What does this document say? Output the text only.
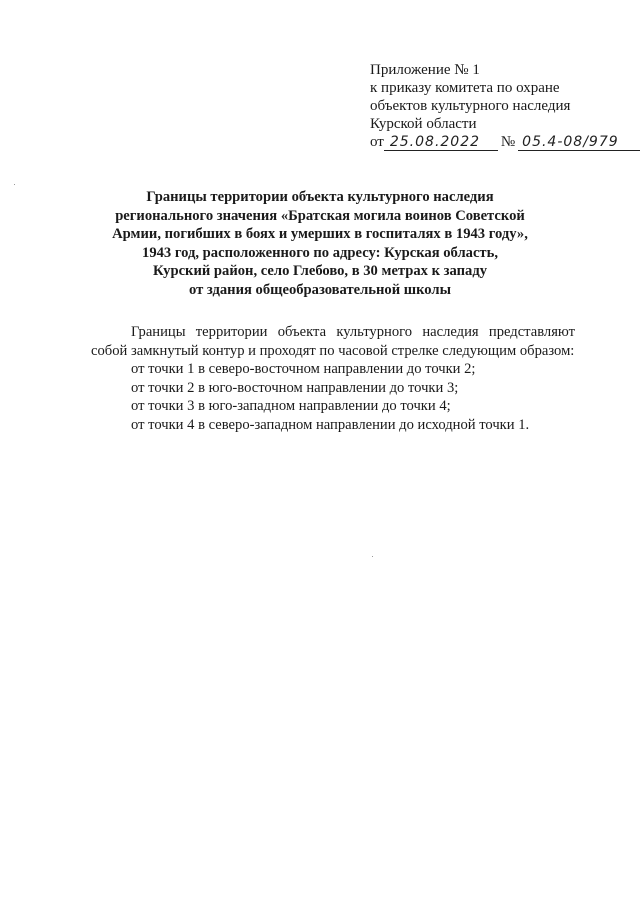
Приложение № 1
к приказу комитета по охране
объектов культурного наследия
Курской области
от 25.08.2022	№ 05.4-08/979
Границы территории объекта культурного наследия
регионального значения «Братская могила воинов Советской
Армии, погибших в боях и умерших в госпиталях в 1943 году»,
1943 год, расположенного по адресу: Курская область,
Курский район, село Глебово, в 30 метрах к западу
от здания общеобразовательной школы

Границы территории объекта культурного наследия представляют собой замкнутый контур и проходят по часовой стрелке следующим образом:

от точки 1 в северо-восточном направлении до точки 2;

от точки 2 в юго-восточном направлении до точки 3;

от точки 3 в юго-западном направлении до точки 4;

от точки 4 в северо-западном направлении до исходной точки 1.
